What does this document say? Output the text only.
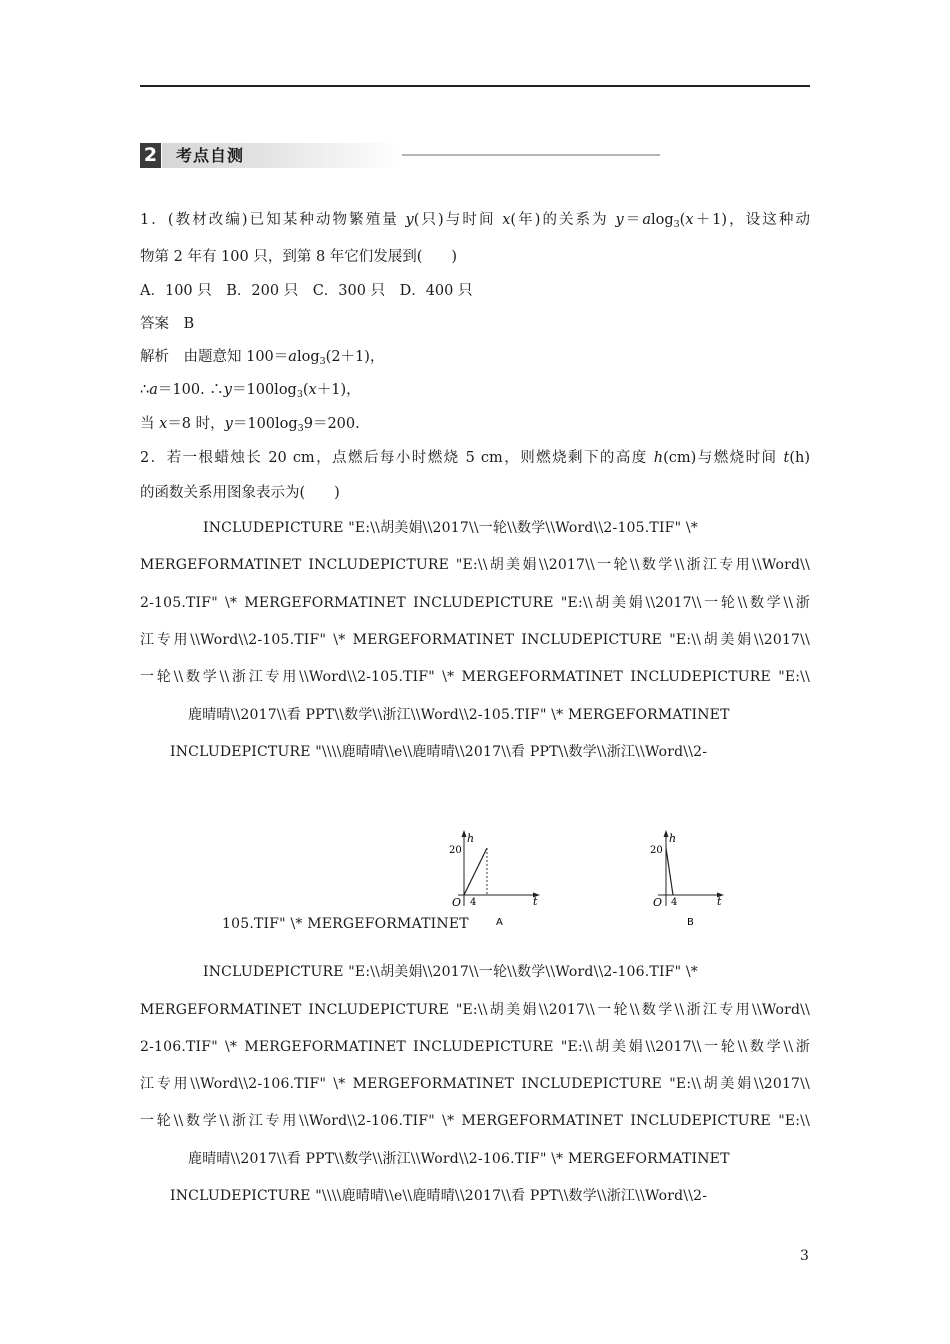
2	考点自测
1．(教材改编)已知某种动物繁殖量 y(只)与时间 x(年)的关系为 y＝alog$_3$(x＋1)，设这种动
物第 2 年有 100 只，到第 8 年它们发展到(　　)
A．100 只　B．200 只　C．300 只　D．400 只
答案　B
解析　由题意知 100＝alog$_3$(2＋1)，
∴a＝100. $\therefore y=100\log_3(x+1)$，
当 x＝8 时，$y=100\log_39=200$.
2．若一根蜡烛长 20 cm，点燃后每小时燃烧 5 cm，则燃烧剩下的高度 h(cm)与燃烧时间 t(h)
的函数关系用图象表示为(　　)
INCLUDEPICTURE "E:\\胡美娟\\2017\\一轮\\数学\\Word\\2-105.TIF" \*
MERGEFORMATINET INCLUDEPICTURE "E:\\胡美娟\\2017\\一轮\\数学\\浙江专用\\Word\\
2-105.TIF" \* MERGEFORMATINET INCLUDEPICTURE "E:\\胡美娟\\2017\\一轮\\数学\\浙
江专用\\Word\\2-105.TIF" \* MERGEFORMATINET INCLUDEPICTURE "E:\\胡美娟\\2017\\
一轮\\数学\\浙江专用\\Word\\2-105.TIF" \* MERGEFORMATINET INCLUDEPICTURE "E:\\
鹿晴晴\\2017\\看 PPT\\数学\\浙江\\Word\\2-105.TIF" \* MERGEFORMATINET
INCLUDEPICTURE "\\\\鹿晴晴\\e\\鹿晴晴\\2017\\看 PPT\\数学\\浙江\\Word\\2-
105.TIF" \* MERGEFORMATINET
h
20
O 4	t
A
h
20
O 4	t
B
INCLUDEPICTURE "E:\\胡美娟\\2017\\一轮\\数学\\Word\\2-106.TIF" \*
MERGEFORMATINET INCLUDEPICTURE "E:\\胡美娟\\2017\\一轮\\数学\\浙江专用\\Word\\
2-106.TIF" \* MERGEFORMATINET INCLUDEPICTURE "E:\\胡美娟\\2017\\一轮\\数学\\浙
江专用\\Word\\2-106.TIF" \* MERGEFORMATINET INCLUDEPICTURE "E:\\胡美娟\\2017\\
一轮\\数学\\浙江专用\\Word\\2-106.TIF" \* MERGEFORMATINET INCLUDEPICTURE "E:\\
鹿晴晴\\2017\\看 PPT\\数学\\浙江\\Word\\2-106.TIF" \* MERGEFORMATINET
INCLUDEPICTURE "\\\\鹿晴晴\\e\\鹿晴晴\\2017\\看 PPT\\数学\\浙江\\Word\\2-
3
